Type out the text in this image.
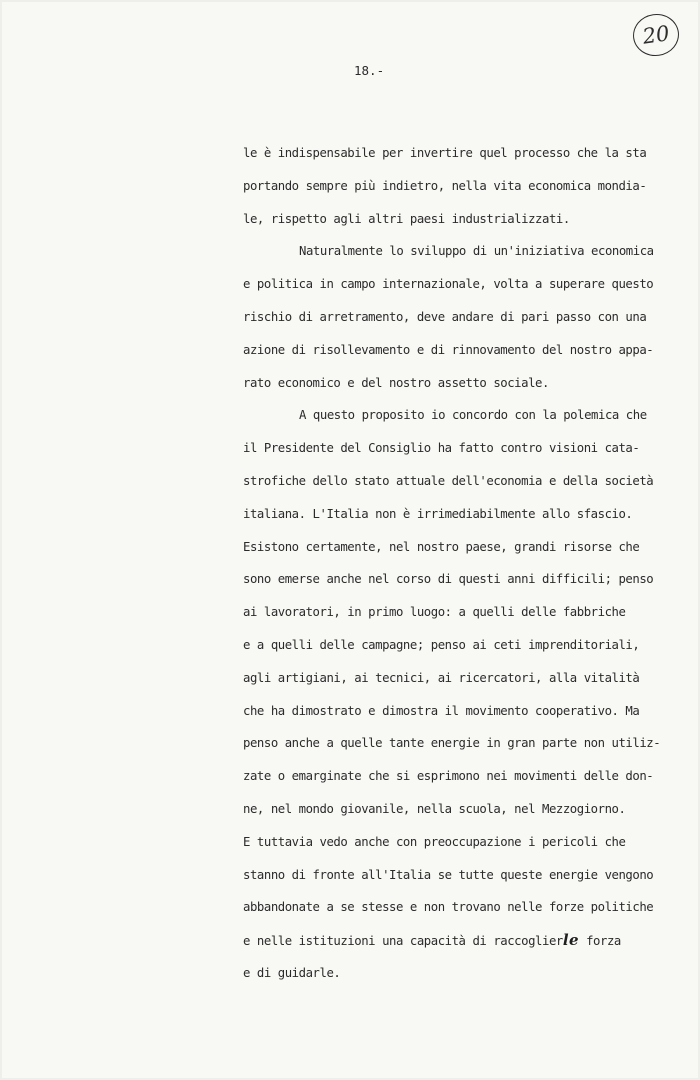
20
18.-
le è indispensabile per invertire quel processo che la sta
portando sempre più indietro, nella vita economica mondia-
le, rispetto agli altri paesi industrializzati.
Naturalmente lo sviluppo di un'iniziativa economica
e politica in campo internazionale, volta a superare questo
rischio di arretramento, deve andare di pari passo con una
azione di risollevamento e di rinnovamento del nostro appa-
rato economico e del nostro assetto sociale.
A questo proposito io concordo con la polemica che
il Presidente del Consiglio ha fatto contro visioni cata-
strofiche dello stato attuale dell'economia e della società
italiana. L'Italia non è irrimediabilmente allo sfascio.
Esistono certamente, nel nostro paese, grandi risorse che
sono emerse anche nel corso di questi anni difficili; penso
ai lavoratori, in primo luogo: a quelli delle fabbriche
e a quelli delle campagne; penso ai ceti imprenditoriali,
agli artigiani, ai tecnici, ai ricercatori, alla vitalità
che ha dimostrato e dimostra il movimento cooperativo. Ma
penso anche a quelle tante energie in gran parte non utiliz-
zate o emarginate che si esprimono nei movimenti delle don-
ne, nel mondo giovanile, nella scuola, nel Mezzogiorno.
E tuttavia vedo anche con preoccupazione i pericoli che
stanno di fronte all'Italia se tutte queste energie vengono
abbandonate a se stesse e non trovano nelle forze politiche
e nelle istituzioni una capacità di raccoglierle forza
e di guidarle.
